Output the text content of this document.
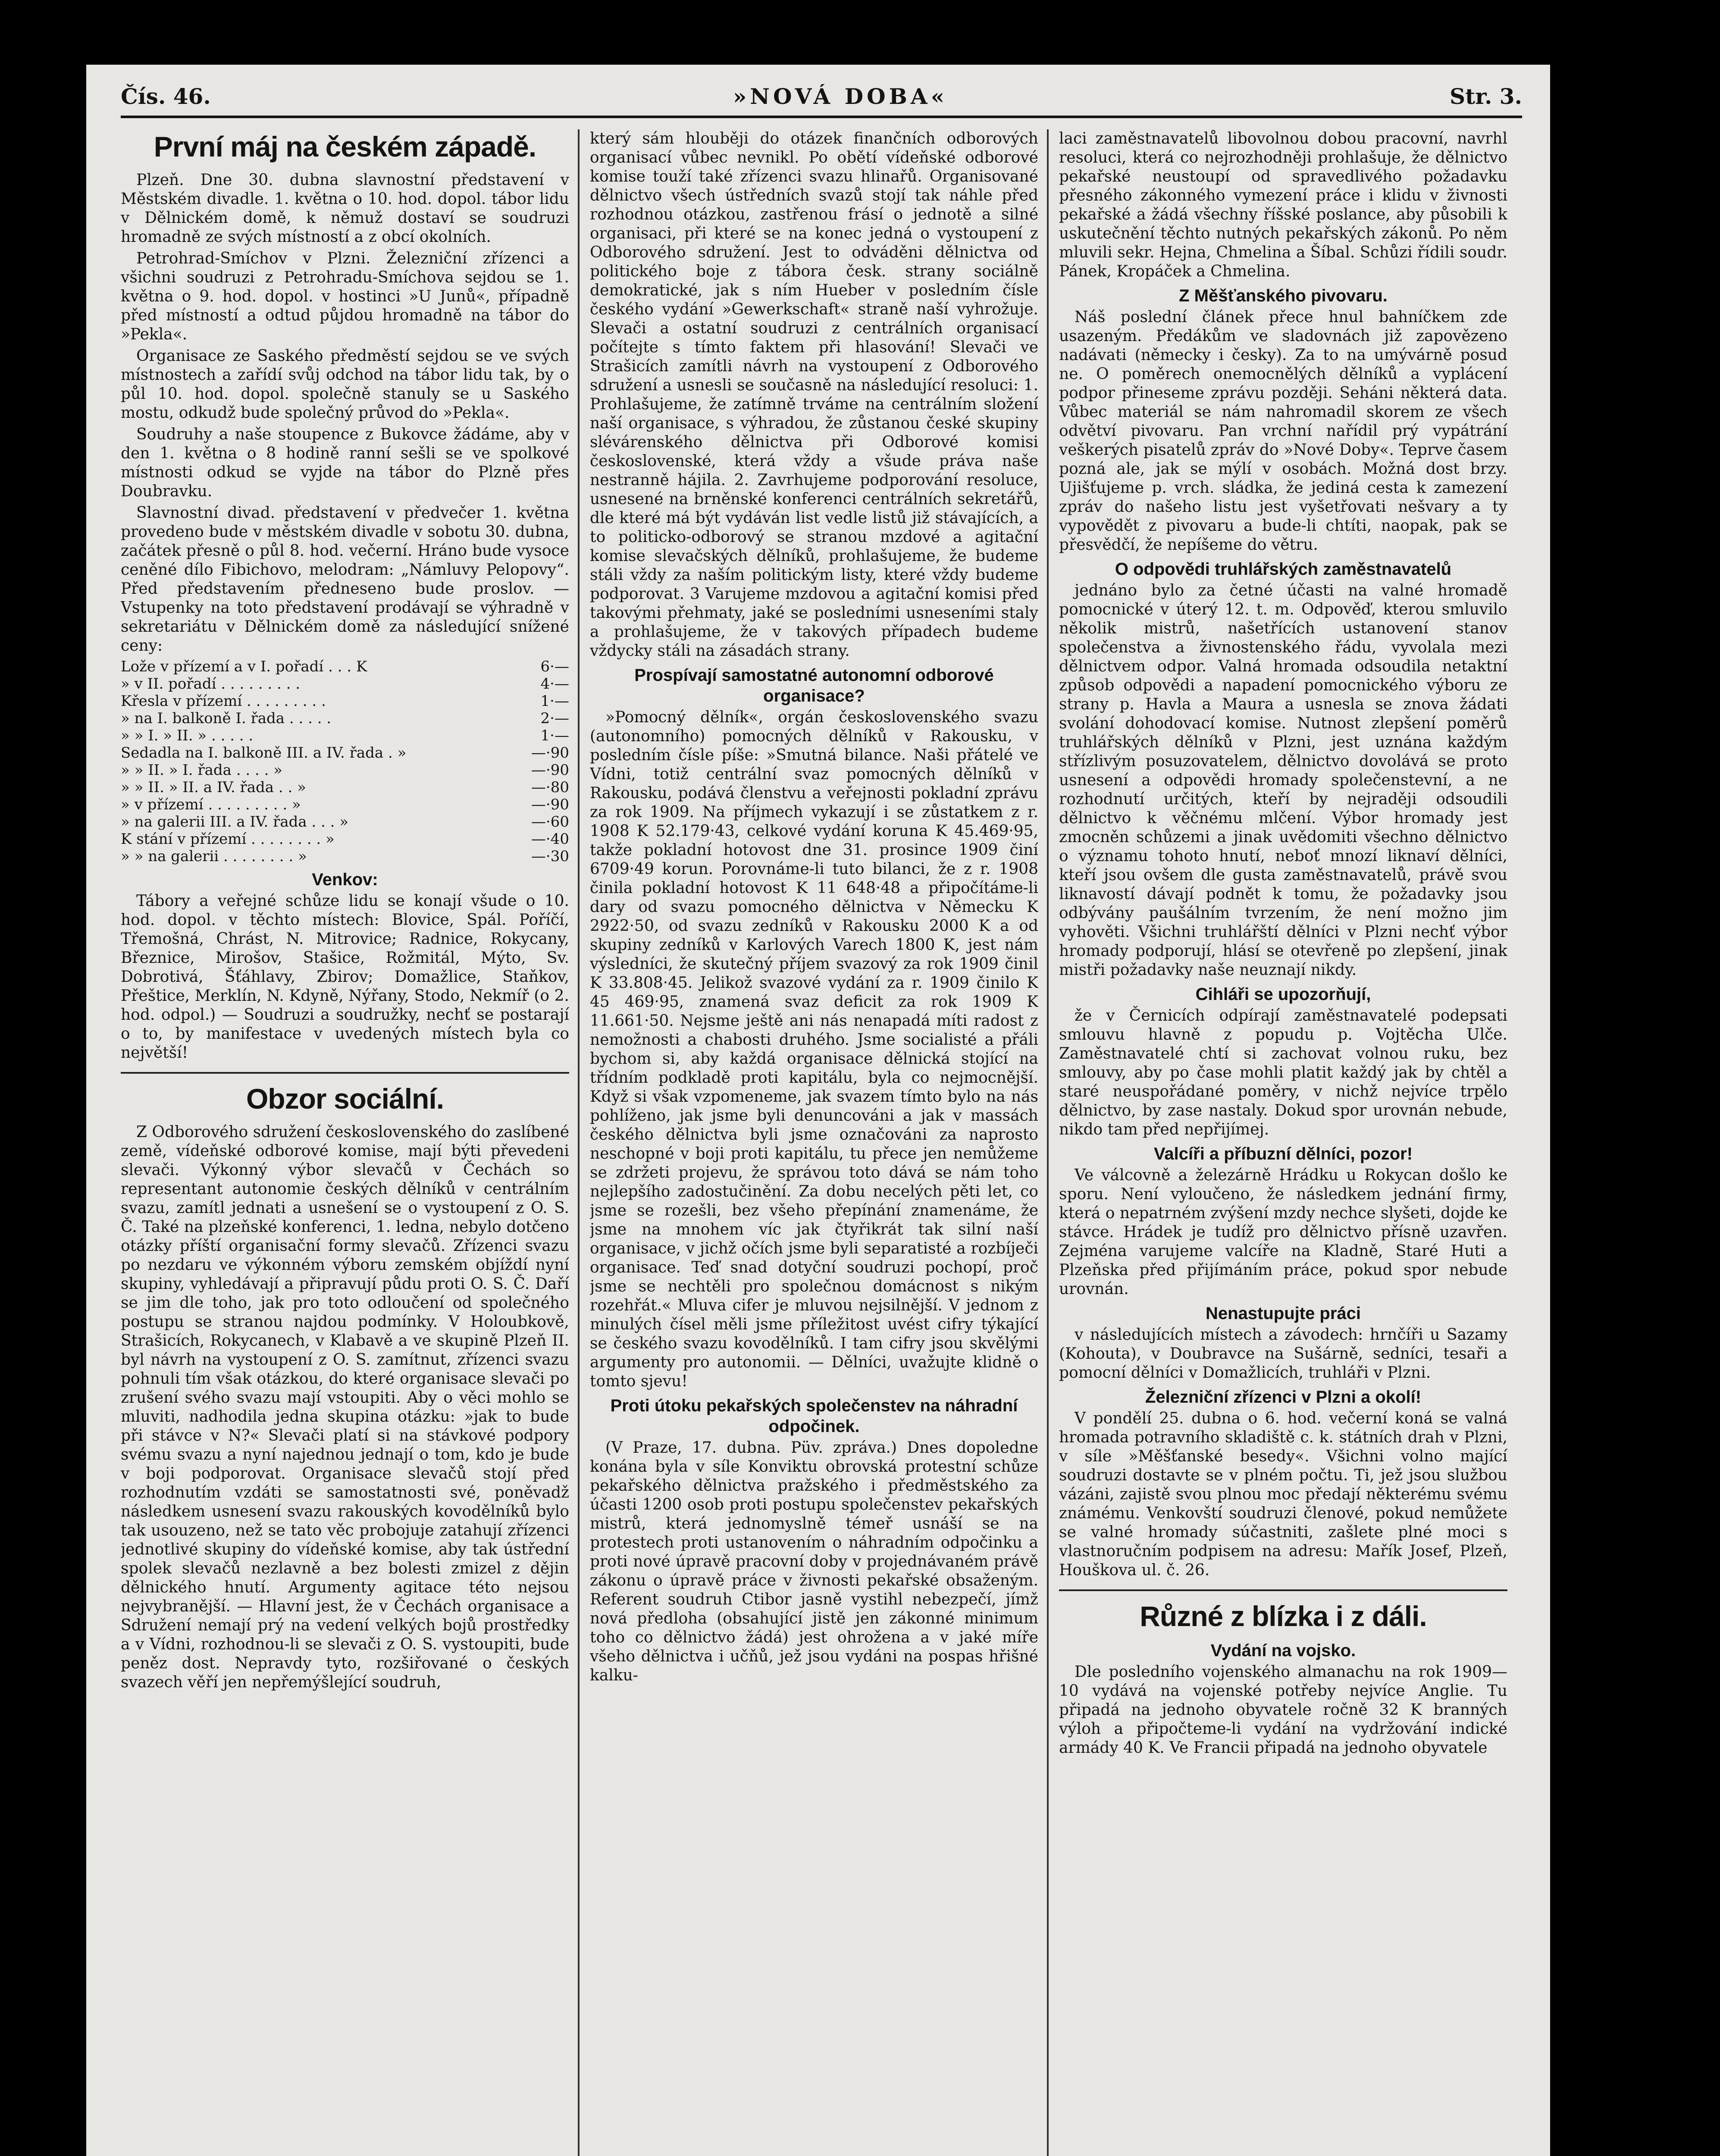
Čís. 46.	»NOVÁ DOBA«	Str. 3.
První máj na českém západě.

Plzeň. Dne 30. dubna slavnostní představení v Městském divadle. 1. května o 10. hod. dopol. tábor lidu v Dělnickém domě, k němuž dostaví se soudruzi hromadně ze svých místností a z obcí okolních.

Petrohrad-Smíchov v Plzni. Železniční zřízenci a všichni soudruzi z Petrohradu-Smíchova sejdou se 1. května o 9. hod. dopol. v hostinci »U Junů«, případně před místností a odtud půjdou hromadně na tábor do »Pekla«.

Organisace ze Saského předměstí sejdou se ve svých místnostech a zařídí svůj odchod na tábor lidu tak, by o půl 10. hod. dopol. společně stanuly se u Saského mostu, odkudž bude společný průvod do »Pekla«.

Soudruhy a naše stoupence z Bukovce žádáme, aby v den 1. května o 8 hodině ranní sešli se ve spolkové místnosti odkud se vyjde na tábor do Plzně přes Doubravku.

Slavnostní divad. představení v předvečer 1. května provedeno bude v městském divadle v sobotu 30. dubna, začátek přesně o půl 8. hod. večerní. Hráno bude vysoce ceněné dílo Fibichovo, melodram: „Námluvy Pelopovy“. Před představením předneseno bude proslov. — Vstupenky na toto představení prodávají se výhradně v sekretariátu v Dělnickém domě za následující snížené ceny:

Lože v přízemí a v I. pořadí . . . K	6·—
» v II. pořadí . . . . . . . . .	4·—
Křesla v přízemí . . . . . . . . .	1·—
» na I. balkoně I. řada . . . . .	2·—
» » I. » II. » . . . . .	1·—
Sedadla na I. balkoně III. a IV. řada . »	—·90
» » II. » I. řada . . . . »	—·90
» » II. » II. a IV. řada . . »	—·80
» v přízemí . . . . . . . . . »	—·90
» na galerii III. a IV. řada . . . »	—·60
K stání v přízemí . . . . . . . . »	—·40
» » na galerii . . . . . . . . »	—·30
Venkov:

Tábory a veřejné schůze lidu se konají všude o 10. hod. dopol. v těchto místech: Blovice, Spál. Poříčí, Třemošná, Chrást, N. Mitrovice; Radnice, Rokycany, Březnice, Mirošov, Stašice, Rožmitál, Mýto, Sv. Dobrotivá, Šťáhlavy, Zbirov; Domažlice, Staňkov, Přeštice, Merklín, N. Kdyně, Nýřany, Stodo, Nekmíř (o 2. hod. odpol.) — Soudruzi a soudružky, nechť se postarají o to, by manifestace v uvedených místech byla co největší!

Obzor sociální.

Z Odborového sdružení československého do zaslíbené země, vídeňské odborové komise, mají býti převedeni slevači. Výkonný výbor slevačů v Čechách so representant autonomie českých dělníků v centrálním svazu, zamítl jednati a usnešení se o vystoupení z O. S. Č. Také na plzeňské konferenci, 1. ledna, nebylo dotčeno otázky příští organisační formy slevačů. Zřízenci svazu po nezdaru ve výkonném výboru zemském objíždí nyní skupiny, vyhledávají a připravují půdu proti O. S. Č. Daří se jim dle toho, jak pro toto odloučení od společného postupu se stranou najdou podmínky. V Holoubkově, Strašicích, Rokycanech, v Klabavě a ve skupině Plzeň II. byl návrh na vystoupení z O. S. zamítnut, zřízenci svazu pohnuli tím však otázkou, do které organisace slevači po zrušení svého svazu mají vstoupiti. Aby o věci mohlo se mluviti, nadhodila jedna skupina otázku: »jak to bude při stávce v N?« Slevači platí si na stávkové podpory svému svazu a nyní najednou jednají o tom, kdo je bude v boji podporovat. Organisace slevačů stojí před rozhodnutím vzdáti se samostatnosti své, poněvadž následkem usnesení svazu rakouských kovodělníků bylo tak usouzeno, než se tato věc probojuje zatahují zřízenci jednotlivé skupiny do vídeňské komise, aby tak ústřední spolek slevačů nezlavně a bez bolesti zmizel z dějin dělnického hnutí. Argumenty agitace této nejsou nejvybranější. — Hlavní jest, že v Čechách organisace a Sdružení nemají prý na vedení velkých bojů prostředky a v Vídni, rozhodnou-li se slevači z O. S. vystoupiti, bude peněz dost. Nepravdy tyto, rozšiřované o českých svazech věří jen nepřemýšlející soudruh,

který sám hlouběji do otázek finančních odborových organisací vůbec nevnikl. Po obětí vídeňské odborové komise touží také zřízenci svazu hlinařů. Organisované dělnictvo všech ústředních svazů stojí tak náhle před rozhodnou otázkou, zastřenou frásí o jednotě a silné organisaci, při které se na konec jedná o vystoupení z Odborového sdružení. Jest to odváděni dělnictva od politického boje z tábora česk. strany sociálně demokratické, jak s ním Hueber v posledním čísle českého vydání »Gewerkschaft« straně naší vyhrožuje. Slevači a ostatní soudruzi z centrálních organisací počítejte s tímto faktem při hlasování! Slevači ve Strašicích zamítli návrh na vystoupení z Odborového sdružení a usnesli se současně na následující resoluci: 1. Prohlašujeme, že zatímně trváme na centrálním složení naší organisace, s výhradou, že zůstanou české skupiny slévárenského dělnictva při Odborové komisi československé, která vždy a všude práva naše nestranně hájila. 2. Zavrhujeme podporování resoluce, usnesené na brněnské konferenci centrálních sekretářů, dle které má být vydáván list vedle listů již stávajících, a to politicko-odborový se stranou mzdové a agitační komise slevačských dělníků, prohlašujeme, že budeme stáli vždy za naším politickým listy, které vždy budeme podporovat. 3 Varujeme mzdovou a agitační komisi před takovými přehmaty, jaké se posledními usneseními staly a prohlašujeme, že v takových případech budeme vždycky stáli na zásadách strany.

Prospívají samostatné autonomní odborové organisace?

»Pomocný dělník«, orgán československého svazu (autonomního) pomocných dělníků v Rakousku, v posledním čísle píše: »Smutná bilance. Naši přátelé ve Vídni, totiž centrální svaz pomocných dělníků v Rakousku, podává členstvu a veřejnosti pokladní zprávu za rok 1909. Na příjmech vykazují i se zůstatkem z r. 1908 K 52.179·43, celkové vydání koruna K 45.469·95, takže pokladní hotovost dne 31. prosince 1909 činí 6709·49 korun. Porovnáme-li tuto bilanci, že z r. 1908 činila pokladní hotovost K 11 648·48 a připočítáme-li dary od svazu pomocného dělnictva v Německu K 2922·50, od svazu zedníků v Rakousku 2000 K a od skupiny zedníků v Karlových Varech 1800 K, jest nám výsledníci, že skutečný příjem svazový za rok 1909 činil K 33.808·45. Jelikož svazové vydání za r. 1909 činilo K 45 469·95, znamená svaz deficit za rok 1909 K 11.661·50. Nejsme ještě ani nás nenapadá míti radost z nemožnosti a chabosti druhého. Jsme socialisté a přáli bychom si, aby každá organisace dělnická stojící na třídním podkladě proti kapitálu, byla co nejmocnější. Když si však vzpomeneme, jak svazem tímto bylo na nás pohlíženo, jak jsme byli denuncováni a jak v massách českého dělnictva byli jsme označováni za naprosto neschopné v boji proti kapitálu, tu přece jen nemůžeme se zdržeti projevu, že správou toto dává se nám toho nejlepšího zadostučinění. Za dobu necelých pěti let, co jsme se rozešli, bez všeho přepínání znamenáme, že jsme na mnohem víc jak čtyřikrát tak silní naší organisace, v jichž očích jsme byli separatisté a rozbíječi organisace. Teď snad dotyční soudruzi pochopí, proč jsme se nechtěli pro společnou domácnost s nikým rozehřát.« Mluva cifer je mluvou nejsilnější. V jednom z minulých čísel měli jsme příležitost uvést cifry týkající se českého svazu kovodělníků. I tam cifry jsou skvělými argumenty pro autonomii. — Dělníci, uvažujte klidně o tomto sjevu!

Proti útoku pekařských společenstev na náhradní odpočinek.

(V Praze, 17. dubna. Püv. zpráva.) Dnes dopoledne konána byla v síle Konviktu obrovská protestní schůze pekařského dělnictva pražského i předměstského za účasti 1200 osob proti postupu společenstev pekařských mistrů, která jednomyslně témeř usnáší se na protestech proti ustanovením o náhradním odpočinku a proti nové úpravě pracovní doby v projednávaném právě zákonu o úpravě práce v živnosti pekařské obsaženým. Referent soudruh Ctibor jasně vystihl nebezpečí, jímž nová předloha (obsahující jistě jen zákonné minimum toho co dělnictvo žádá) jest ohrožena a v jaké míře všeho dělnictva i učňů, jež jsou vydáni na pospas hřišné kalku-

laci zaměstnavatelů libovolnou dobou pracovní, navrhl resoluci, která co nejrozhodněji prohlašuje, že dělnictvo pekařské neustoupí od spravedlivého požadavku přesného zákonného vymezení práce i klidu v živnosti pekařské a žádá všechny říšské poslance, aby působili k uskutečnění těchto nutných pekařských zákonů. Po něm mluvili sekr. Hejna, Chmelina a Šíbal. Schůzi řídili soudr. Pánek, Kropáček a Chmelina.

Z Měšťanského pivovaru.

Náš poslední článek přece hnul bahníčkem zde usazeným. Předákům ve sladovnách již zapovězeno nadávati (německy i česky). Za to na umývárně posud ne. O poměrech onemocnělých dělníků a vyplácení podpor přineseme zprávu později. Seháni některá data. Vůbec materiál se nám nahromadil skorem ze všech odvětví pivovaru. Pan vrchní nařídil prý vypátrání veškerých pisatelů zpráv do »Nové Doby«. Teprve časem pozná ale, jak se mýlí v osobách. Možná dost brzy. Ujišťujeme p. vrch. sládka, že jediná cesta k zamezení zpráv do našeho listu jest vyšetřovati nešvary a ty vypovědět z pivovaru a bude-li chtíti, naopak, pak se přesvědčí, že nepíšeme do větru.

O odpovědi truhlářských zaměstnavatelů

jednáno bylo za četné účasti na valné hromadě pomocnické v úterý 12. t. m. Odpověď, kterou smluvilo několik mistrů, našetřících ustanovení stanov společenstva a živnostenského řádu, vyvolala mezi dělnictvem odpor. Valná hromada odsoudila netaktní způsob odpovědi a napadení pomocnického výboru ze strany p. Havla a Maura a usnesla se znova žádati svolání dohodovací komise. Nutnost zlepšení poměrů truhlářských dělníků v Plzni, jest uznána každým střízlivým posuzovatelem, dělnictvo dovolává se proto usnesení a odpovědi hromady společenstevní, a ne rozhodnutí určitých, kteří by nejraději odsoudili dělnictvo k věčnému mlčení. Výbor hromady jest zmocněn schůzemi a jinak uvědomiti všechno dělnictvo o významu tohoto hnutí, neboť mnozí liknaví dělníci, kteří jsou ovšem dle gusta zaměstnavatelů, právě svou liknavostí dávají podnět k tomu, že požadavky jsou odbývány paušálním tvrzením, že není možno jim vyhověti. Všichni truhlářští dělníci v Plzni nechť výbor hromady podporují, hlásí se otevřeně po zlepšení, jinak mistři požadavky naše neuznají nikdy.

Cihláři se upozorňují,

že v Černicích odpírají zaměstnavatelé podepsati smlouvu hlavně z popudu p. Vojtěcha Ulče. Zaměstnavatelé chtí si zachovat volnou ruku, bez smlouvy, aby po čase mohli platit každý jak by chtěl a staré neuspořádané poměry, v nichž nejvíce trpělo dělnictvo, by zase nastaly. Dokud spor urovnán nebude, nikdo tam před nepřijímej.

Valcíři a příbuzní dělníci, pozor!

Ve válcovně a železárně Hrádku u Rokycan došlo ke sporu. Není vyloučeno, že následkem jednání firmy, která o nepatrném zvýšení mzdy nechce slyšeti, dojde ke stávce. Hrádek je tudíž pro dělnictvo přísně uzavřen. Zejména varujeme valcíře na Kladně, Staré Huti a Plzeňska před přijímáním práce, pokud spor nebude urovnán.

Nenastupujte práci

v následujících místech a závodech: hrnčíři u Sazamy (Kohouta), v Doubravce na Sušárně, sedníci, tesaři a pomocní dělníci v Domažlicích, truhláři v Plzni.

Železniční zřízenci v Plzni a okolí!

V pondělí 25. dubna o 6. hod. večerní koná se valná hromada potravního skladiště c. k. státních drah v Plzni, v síle »Měšťanské besedy«. Všichni volno mající soudruzi dostavte se v plném počtu. Ti, jež jsou službou vázáni, zajistě svou plnou moc předají některému svému známému. Venkovští soudruzi členové, pokud nemůžete se valné hromady súčastniti, zašlete plné moci s vlastnoručním podpisem na adresu: Mařík Josef, Plzeň, Houškova ul. č. 26.

Různé z blízka i z dáli.
Vydání na vojsko.

Dle posledního vojenského almanachu na rok 1909—10 vydává na vojenské potřeby nejvíce Anglie. Tu připadá na jednoho obyvatele ročně 32 K branných výloh a připočteme-li vydání na vydržování indické armády 40 K. Ve Francii připadá na jednoho obyvatele
